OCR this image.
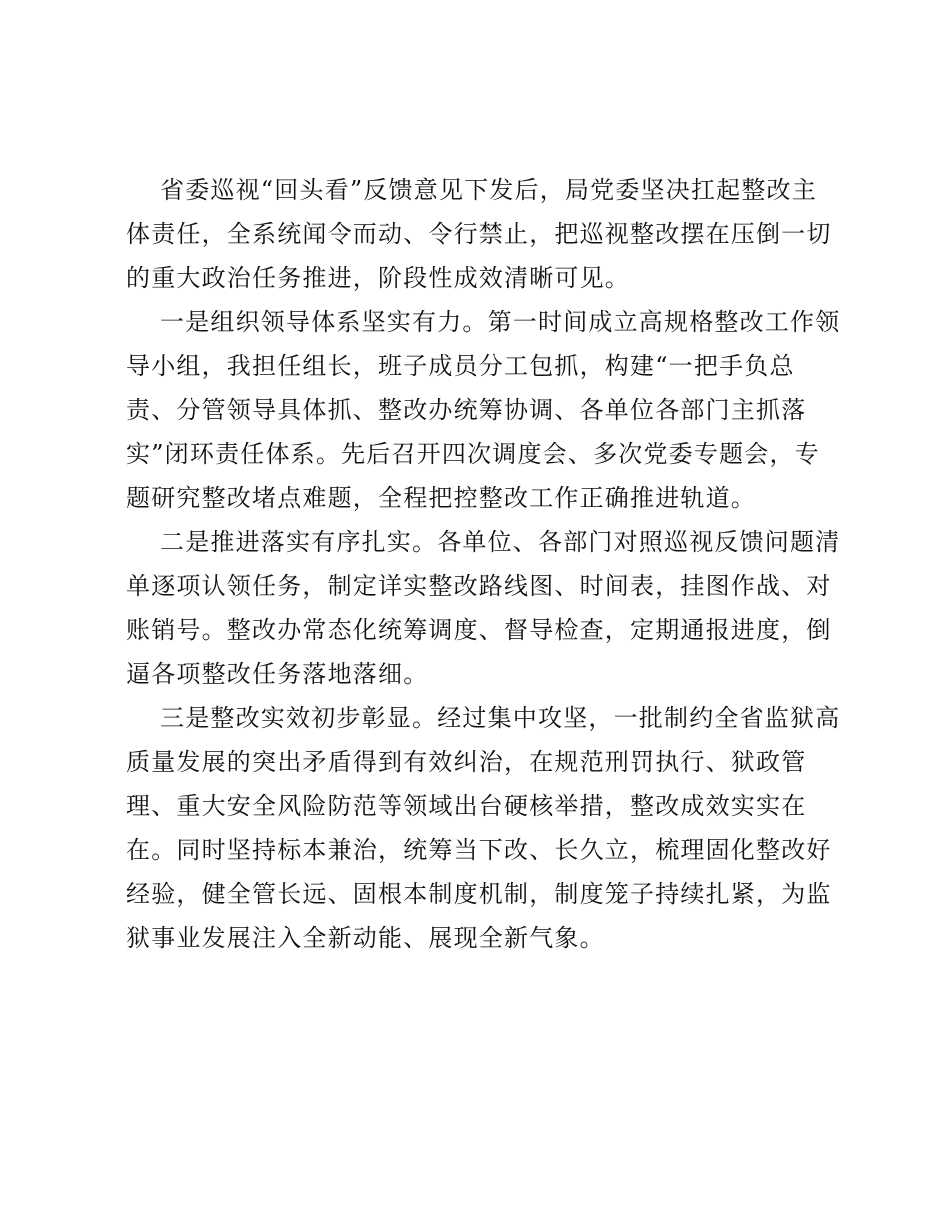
省委巡视“回头看”反馈意见下发后，局党委坚决扛起整改主
体责任，全系统闻令而动、令行禁止，把巡视整改摆在压倒一切
的重大政治任务推进，阶段性成效清晰可见。
一是组织领导体系坚实有力。第一时间成立高规格整改工作领
导小组，我担任组长，班子成员分工包抓，构建“一把手负总
责、分管领导具体抓、整改办统筹协调、各单位各部门主抓落
实”闭环责任体系。先后召开四次调度会、多次党委专题会，专
题研究整改堵点难题，全程把控整改工作正确推进轨道。
二是推进落实有序扎实。各单位、各部门对照巡视反馈问题清
单逐项认领任务，制定详实整改路线图、时间表，挂图作战、对
账销号。整改办常态化统筹调度、督导检查，定期通报进度，倒
逼各项整改任务落地落细。
三是整改实效初步彰显。经过集中攻坚，一批制约全省监狱高
质量发展的突出矛盾得到有效纠治，在规范刑罚执行、狱政管
理、重大安全风险防范等领域出台硬核举措，整改成效实实在
在。同时坚持标本兼治，统筹当下改、长久立，梳理固化整改好
经验，健全管长远、固根本制度机制，制度笼子持续扎紧，为监
狱事业发展注入全新动能、展现全新气象。
